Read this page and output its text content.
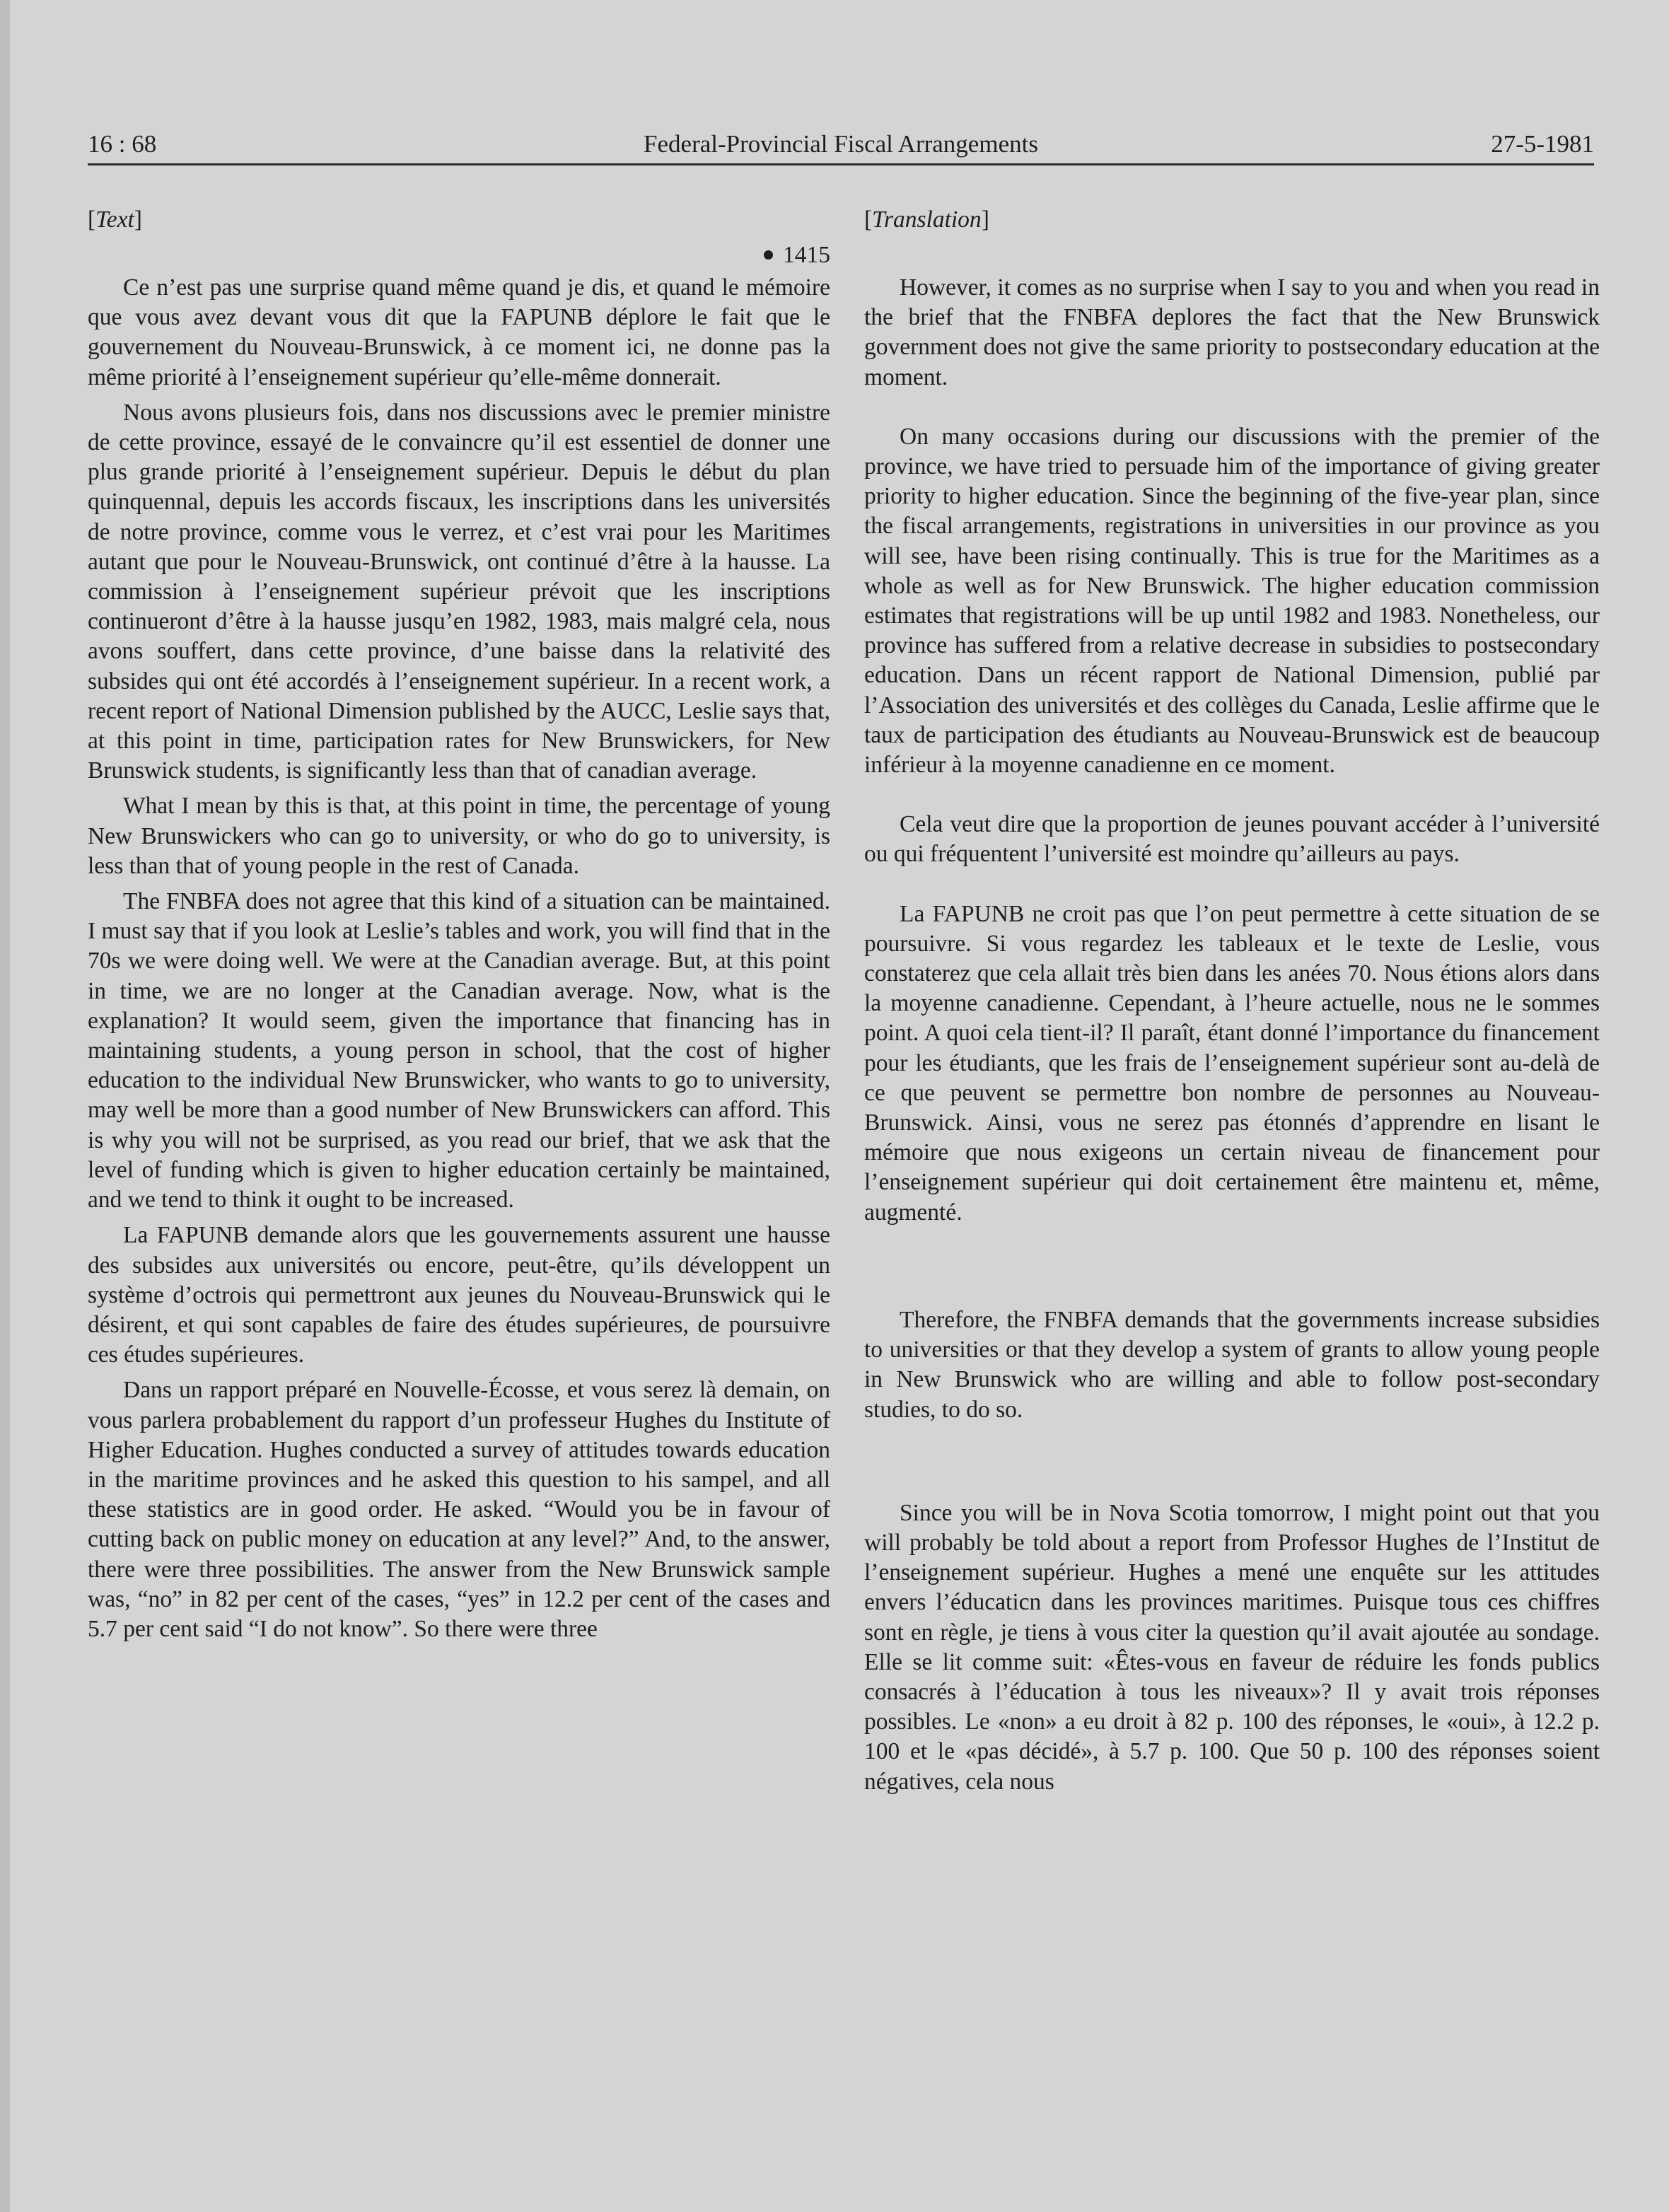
16 : 68	Federal-Provincial Fiscal Arrangements	27-5-1981

[Text]

1415

Ce n’est pas une surprise quand même quand je dis, et quand le mémoire que vous avez devant vous dit que la FAPUNB déplore le fait que le gouvernement du Nouveau-Brunswick, à ce moment ici, ne donne pas la même priorité à l’enseignement supérieur qu’elle-même donnerait.

Nous avons plusieurs fois, dans nos discussions avec le premier ministre de cette province, essayé de le convaincre qu’il est essentiel de donner une plus grande priorité à l’enseignement supérieur. Depuis le début du plan quinquennal, depuis les accords fiscaux, les inscriptions dans les universités de notre province, comme vous le verrez, et c’est vrai pour les Maritimes autant que pour le Nouveau-Brunswick, ont continué d’être à la hausse. La commission à l’enseignement supérieur prévoit que les inscriptions continueront d’être à la hausse jusqu’en 1982, 1983, mais malgré cela, nous avons souffert, dans cette province, d’une baisse dans la relativité des subsides qui ont été accordés à l’enseignement supérieur. In a recent work, a recent report of National Dimension published by the AUCC, Leslie says that, at this point in time, participation rates for New Brunswickers, for New Brunswick students, is significantly less than that of canadian average.

What I mean by this is that, at this point in time, the percentage of young New Brunswickers who can go to university, or who do go to university, is less than that of young people in the rest of Canada.

The FNBFA does not agree that this kind of a situation can be maintained. I must say that if you look at Leslie’s tables and work, you will find that in the 70s we were doing well. We were at the Canadian average. But, at this point in time, we are no longer at the Canadian average. Now, what is the explanation? It would seem, given the importance that financing has in maintaining students, a young person in school, that the cost of higher education to the individual New Brunswicker, who wants to go to university, may well be more than a good number of New Brunswickers can afford. This is why you will not be surprised, as you read our brief, that we ask that the level of funding which is given to higher education certainly be maintained, and we tend to think it ought to be increased.

La FAPUNB demande alors que les gouvernements assurent une hausse des subsides aux universités ou encore, peut-être, qu’ils développent un système d’octrois qui permettront aux jeunes du Nouveau-Brunswick qui le désirent, et qui sont capables de faire des études supérieures, de poursuivre ces études supérieures.

Dans un rapport préparé en Nouvelle-Écosse, et vous serez là demain, on vous parlera probablement du rapport d’un professeur Hughes du Institute of Higher Education. Hughes conducted a survey of attitudes towards education in the maritime provinces and he asked this question to his sampel, and all these statistics are in good order. He asked. “Would you be in favour of cutting back on public money on education at any level?” And, to the answer, there were three possibilities. The answer from the New Brunswick sample was, “no” in 82 per cent of the cases, “yes” in 12.2 per cent of the cases and 5.7 per cent said “I do not know”. So there were three

[Translation]

However, it comes as no surprise when I say to you and when you read in the brief that the FNBFA deplores the fact that the New Brunswick government does not give the same priority to postsecondary education at the moment.

On many occasions during our discussions with the premier of the province, we have tried to persuade him of the importance of giving greater priority to higher education. Since the beginning of the five-year plan, since the fiscal arrangements, registrations in universities in our province as you will see, have been rising continually. This is true for the Maritimes as a whole as well as for New Brunswick. The higher education commission estimates that registrations will be up until 1982 and 1983. Nonetheless, our province has suffered from a relative decrease in subsidies to postsecondary education. Dans un récent rapport de National Dimension, publié par l’Association des universités et des collèges du Canada, Leslie affirme que le taux de participation des étudiants au Nouveau-Brunswick est de beaucoup inférieur à la moyenne canadienne en ce moment.

Cela veut dire que la proportion de jeunes pouvant accéder à l’université ou qui fréquentent l’université est moindre qu’ailleurs au pays.

La FAPUNB ne croit pas que l’on peut permettre à cette situation de se poursuivre. Si vous regardez les tableaux et le texte de Leslie, vous constaterez que cela allait très bien dans les anées 70. Nous étions alors dans la moyenne canadienne. Cependant, à l’heure actuelle, nous ne le sommes point. A quoi cela tient-il? Il paraît, étant donné l’importance du financement pour les étudiants, que les frais de l’enseignement supérieur sont au-delà de ce que peuvent se permettre bon nombre de personnes au Nouveau-Brunswick. Ainsi, vous ne serez pas étonnés d’apprendre en lisant le mémoire que nous exigeons un certain niveau de financement pour l’enseignement supérieur qui doit certainement être maintenu et, même, augmenté.

Therefore, the FNBFA demands that the governments increase subsidies to universities or that they develop a system of grants to allow young people in New Brunswick who are willing and able to follow post-secondary studies, to do so.

Since you will be in Nova Scotia tomorrow, I might point out that you will probably be told about a report from Professor Hughes de l’Institut de l’enseignement supérieur. Hughes a mené une enquête sur les attitudes envers l’éducaticn dans les provinces maritimes. Puisque tous ces chiffres sont en règle, je tiens à vous citer la question qu’il avait ajoutée au sondage. Elle se lit comme suit: «Êtes-vous en faveur de réduire les fonds publics consacrés à l’éducation à tous les niveaux»? Il y avait trois réponses possibles. Le «non» a eu droit à 82 p. 100 des réponses, le «oui», à 12.2 p. 100 et le «pas décidé», à 5.7 p. 100. Que 50 p. 100 des réponses soient négatives, cela nous
